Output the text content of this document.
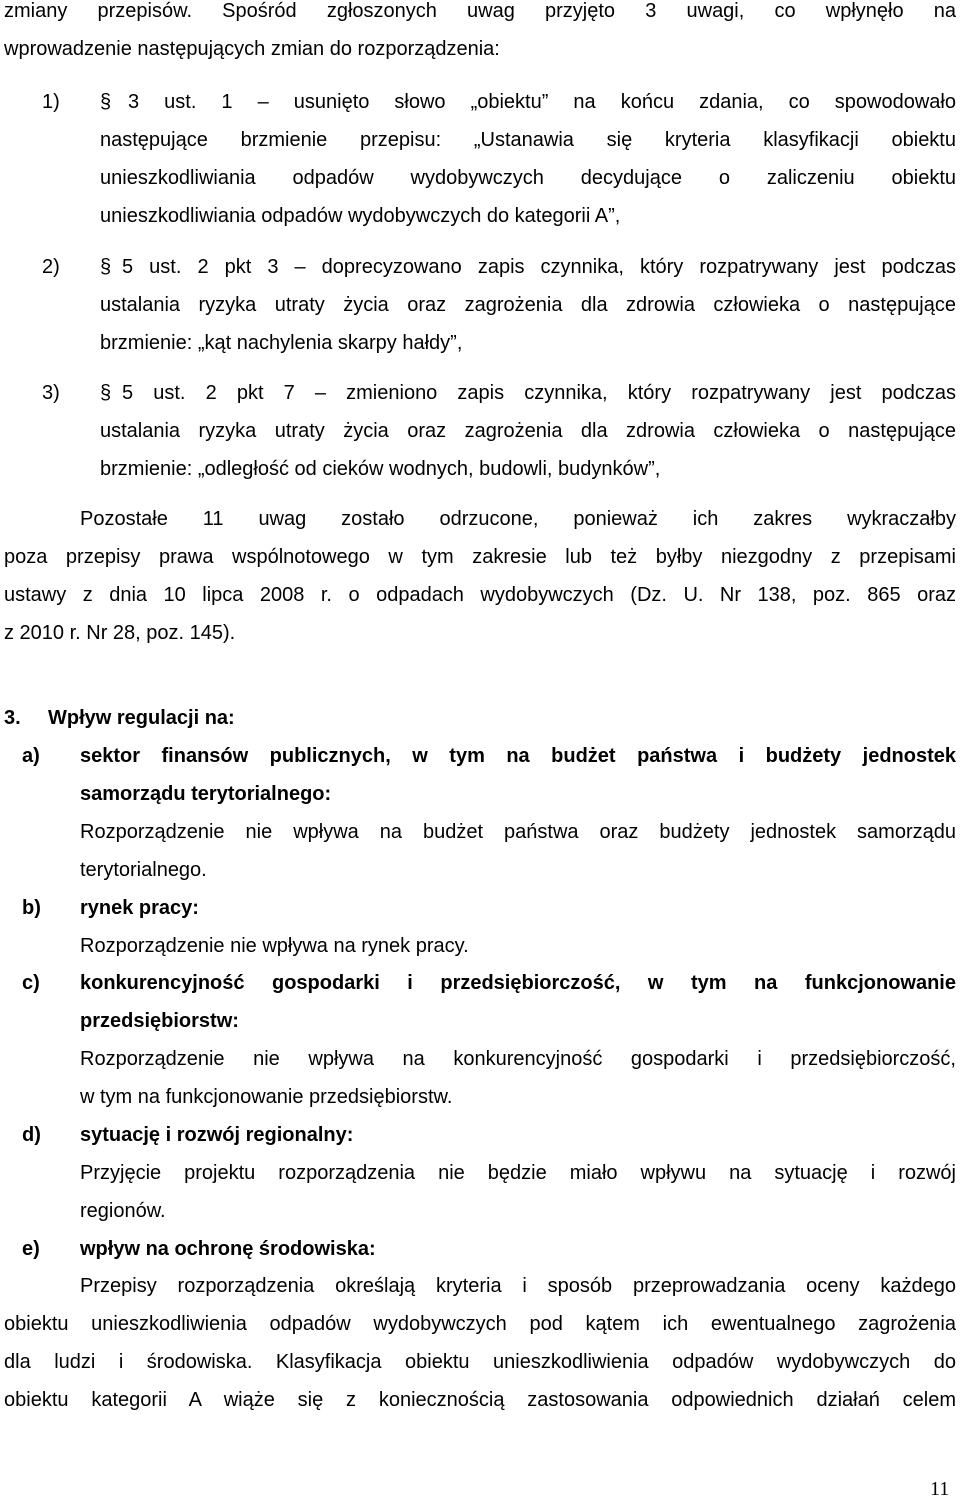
zmiany przepisów. Spośród zgłoszonych uwag przyjęto 3 uwagi, co wpłynęło na
wprowadzenie następujących zmian do rozporządzenia:
1) § 3 ust. 1 – usunięto słowo „obiektu” na końcu zdania, co spowodowało
następujące brzmienie przepisu: „Ustanawia się kryteria klasyfikacji obiektu
unieszkodliwiania odpadów wydobywczych decydujące o zaliczeniu obiektu
unieszkodliwiania odpadów wydobywczych do kategorii A”,
2) § 5 ust. 2 pkt 3 – doprecyzowano zapis czynnika, który rozpatrywany jest podczas
ustalania ryzyka utraty życia oraz zagrożenia dla zdrowia człowieka o następujące
brzmienie: „kąt nachylenia skarpy hałdy”,
3) § 5 ust. 2 pkt 7 – zmieniono zapis czynnika, który rozpatrywany jest podczas
ustalania ryzyka utraty życia oraz zagrożenia dla zdrowia człowieka o następujące
brzmienie: „odległość od cieków wodnych, budowli, budynków”,
Pozostałe 11 uwag zostało odrzucone, ponieważ ich zakres wykraczałby
poza przepisy prawa wspólnotowego w tym zakresie lub też byłby niezgodny z przepisami
ustawy z dnia 10 lipca 2008 r. o odpadach wydobywczych (Dz. U. Nr 138, poz. 865 oraz
z 2010 r. Nr 28, poz. 145).
3. Wpływ regulacji na:
a) sektor finansów publicznych, w tym na budżet państwa i budżety jednostek
samorządu terytorialnego:
Rozporządzenie nie wpływa na budżet państwa oraz budżety jednostek samorządu
terytorialnego.
b) rynek pracy:
Rozporządzenie nie wpływa na rynek pracy.
c) konkurencyjność gospodarki i przedsiębiorczość, w tym na funkcjonowanie
przedsiębiorstw:
Rozporządzenie nie wpływa na konkurencyjność gospodarki i przedsiębiorczość,
w tym na funkcjonowanie przedsiębiorstw.
d) sytuację i rozwój regionalny:
Przyjęcie projektu rozporządzenia nie będzie miało wpływu na sytuację i rozwój
regionów.
e) wpływ na ochronę środowiska:
Przepisy rozporządzenia określają kryteria i sposób przeprowadzania oceny każdego
obiektu unieszkodliwienia odpadów wydobywczych pod kątem ich ewentualnego zagrożenia
dla ludzi i środowiska. Klasyfikacja obiektu unieszkodliwienia odpadów wydobywczych do
obiektu kategorii A wiąże się z koniecznością zastosowania odpowiednich działań celem
11
